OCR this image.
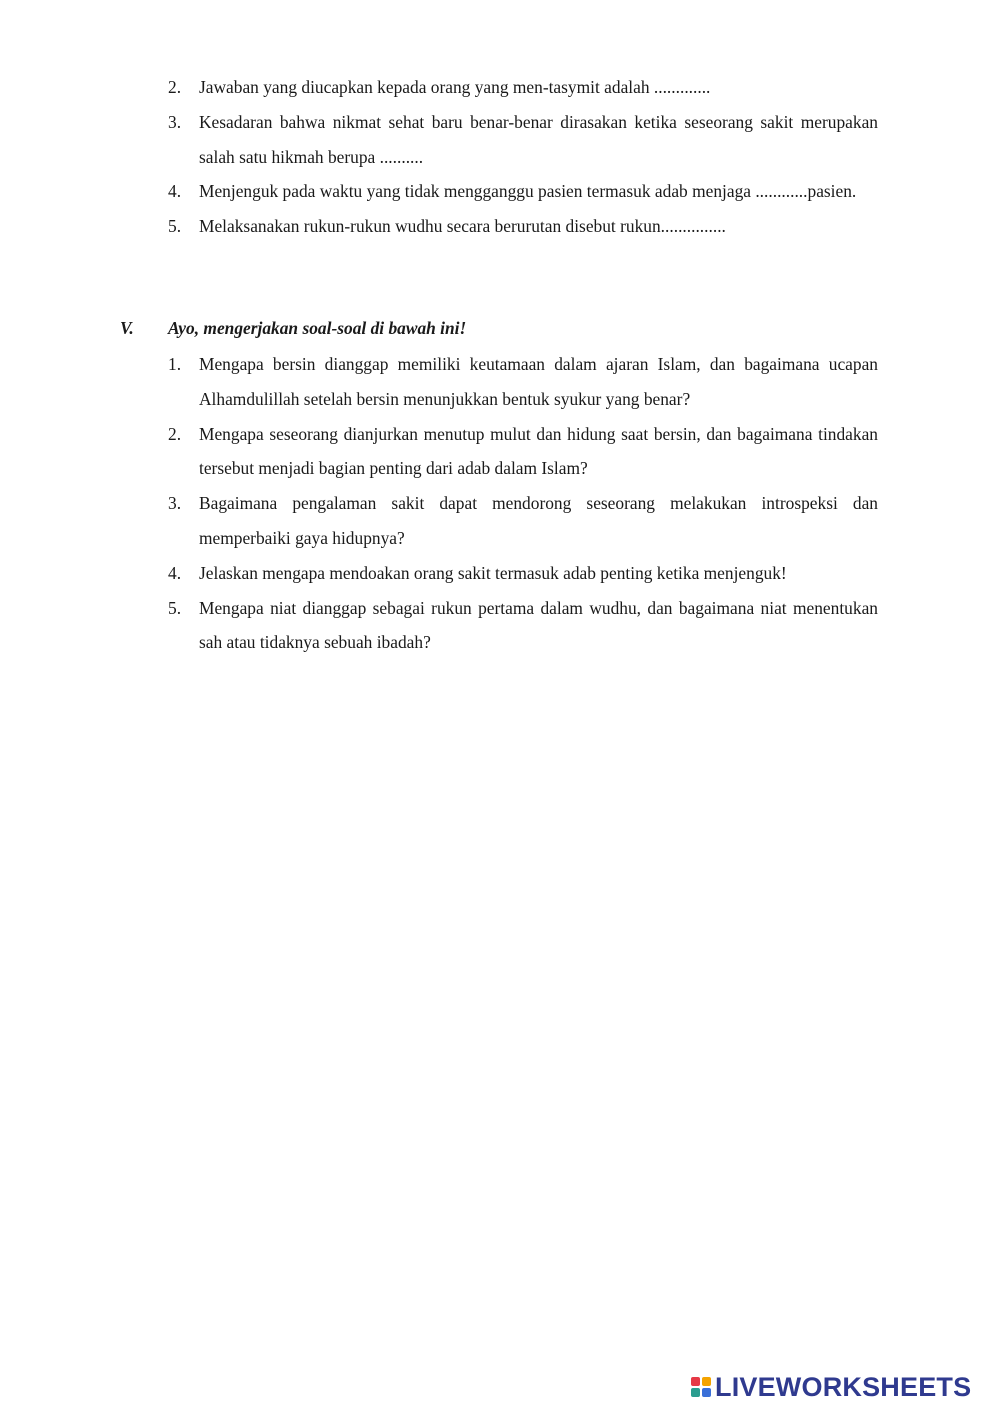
2. Jawaban yang diucapkan kepada orang yang men-tasymit adalah .............
3. Kesadaran bahwa nikmat sehat baru benar-benar dirasakan ketika seseorang sakit merupakan salah satu hikmah berupa ..........
4. Menjenguk pada waktu yang tidak mengganggu pasien termasuk adab menjaga ............pasien.
5. Melaksanakan rukun-rukun wudhu secara berurutan disebut rukun...............
V. Ayo, mengerjakan soal-soal di bawah ini!
1. Mengapa bersin dianggap memiliki keutamaan dalam ajaran Islam, dan bagaimana ucapan Alhamdulillah setelah bersin menunjukkan bentuk syukur yang benar?
2. Mengapa seseorang dianjurkan menutup mulut dan hidung saat bersin, dan bagaimana tindakan tersebut menjadi bagian penting dari adab dalam Islam?
3. Bagaimana pengalaman sakit dapat mendorong seseorang melakukan introspeksi dan memperbaiki gaya hidupnya?
4. Jelaskan mengapa mendoakan orang sakit termasuk adab penting ketika menjenguk!
5. Mengapa niat dianggap sebagai rukun pertama dalam wudhu, dan bagaimana niat menentukan sah atau tidaknya sebuah ibadah?
LIVEWORKSHEETS
